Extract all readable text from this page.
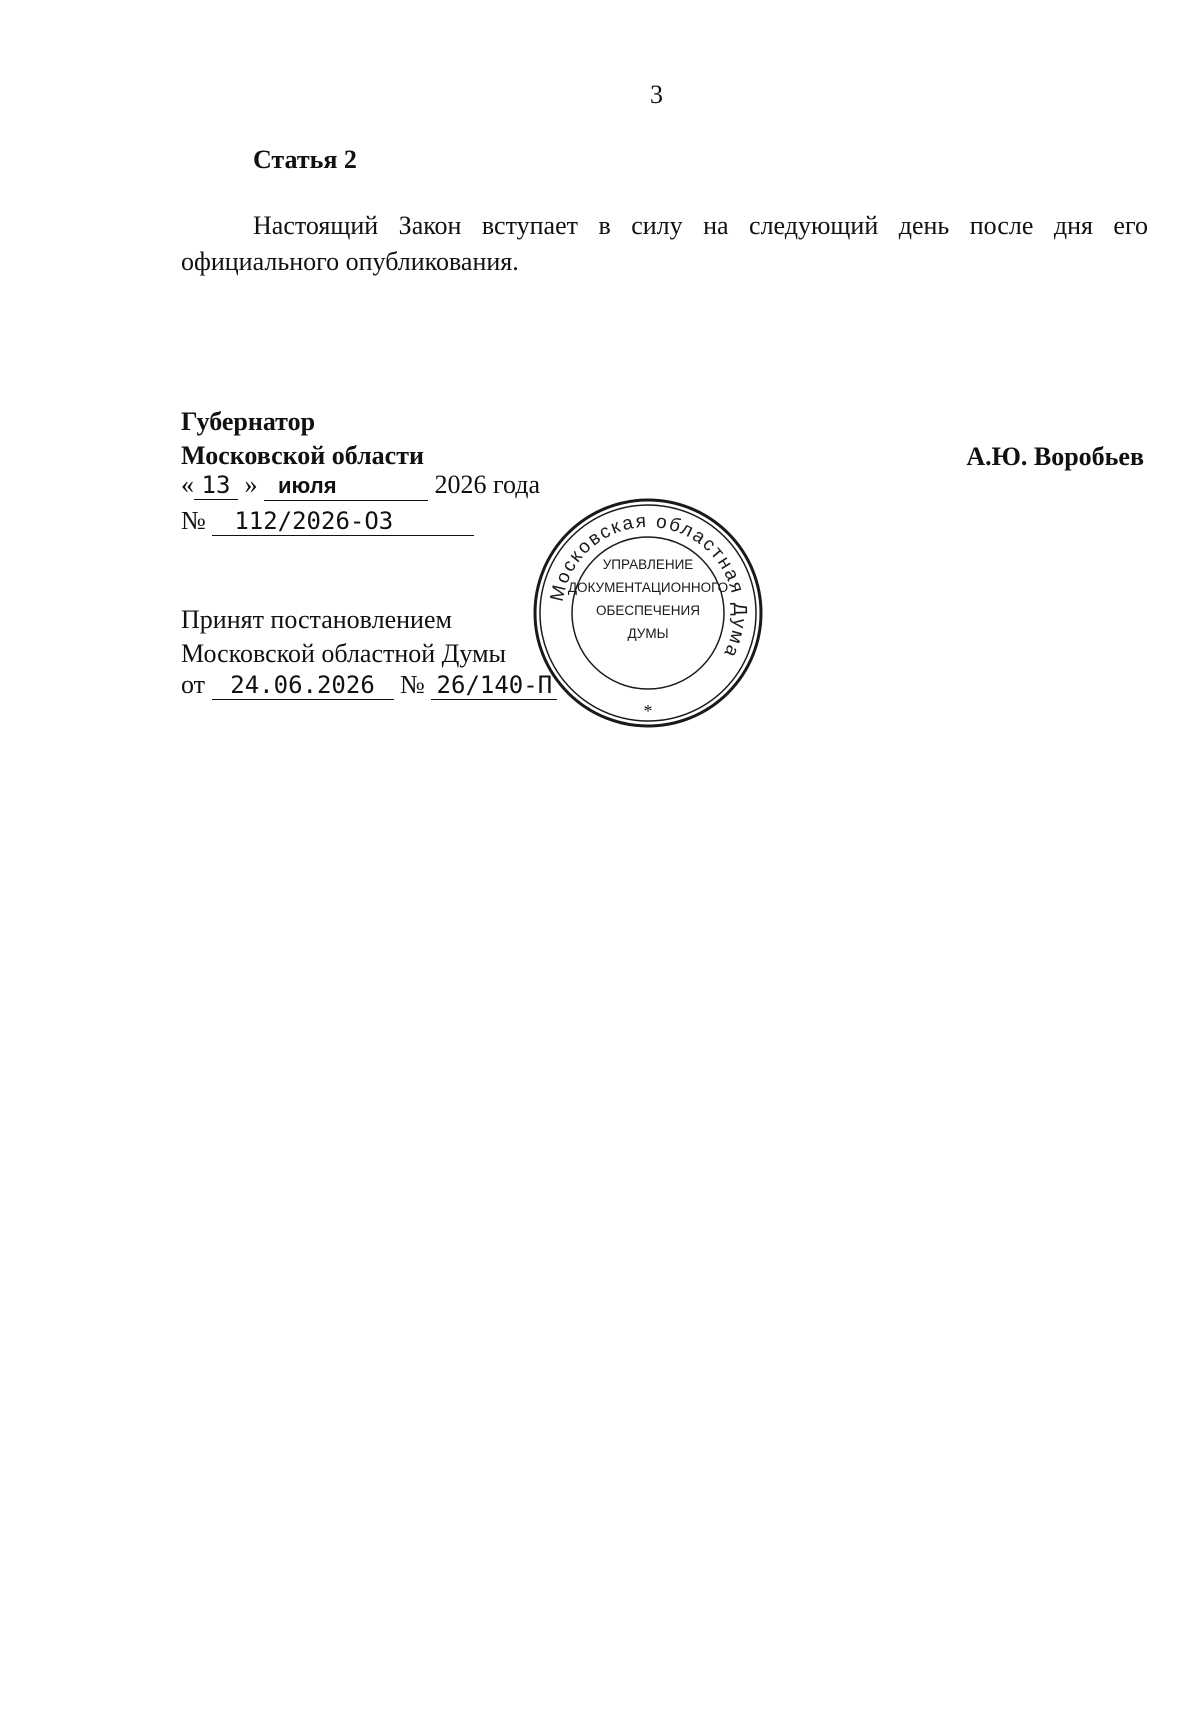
3
Статья 2

Настоящий Закон вступает в силу на следующий день после дня его официального опубликования.

Губернатор
Московской области	А.Ю. Воробьев
« 13 » июля	2026 года
№ 112/2026-ОЗ
Принят постановлением
Московской областной Думы
от 24.06.2026 № 26/140-П
Московская областная Дума
*
УПРАВЛЕНИЕ
ДОКУМЕНТАЦИОННОГО
ОБЕСПЕЧЕНИЯ
ДУМЫ
